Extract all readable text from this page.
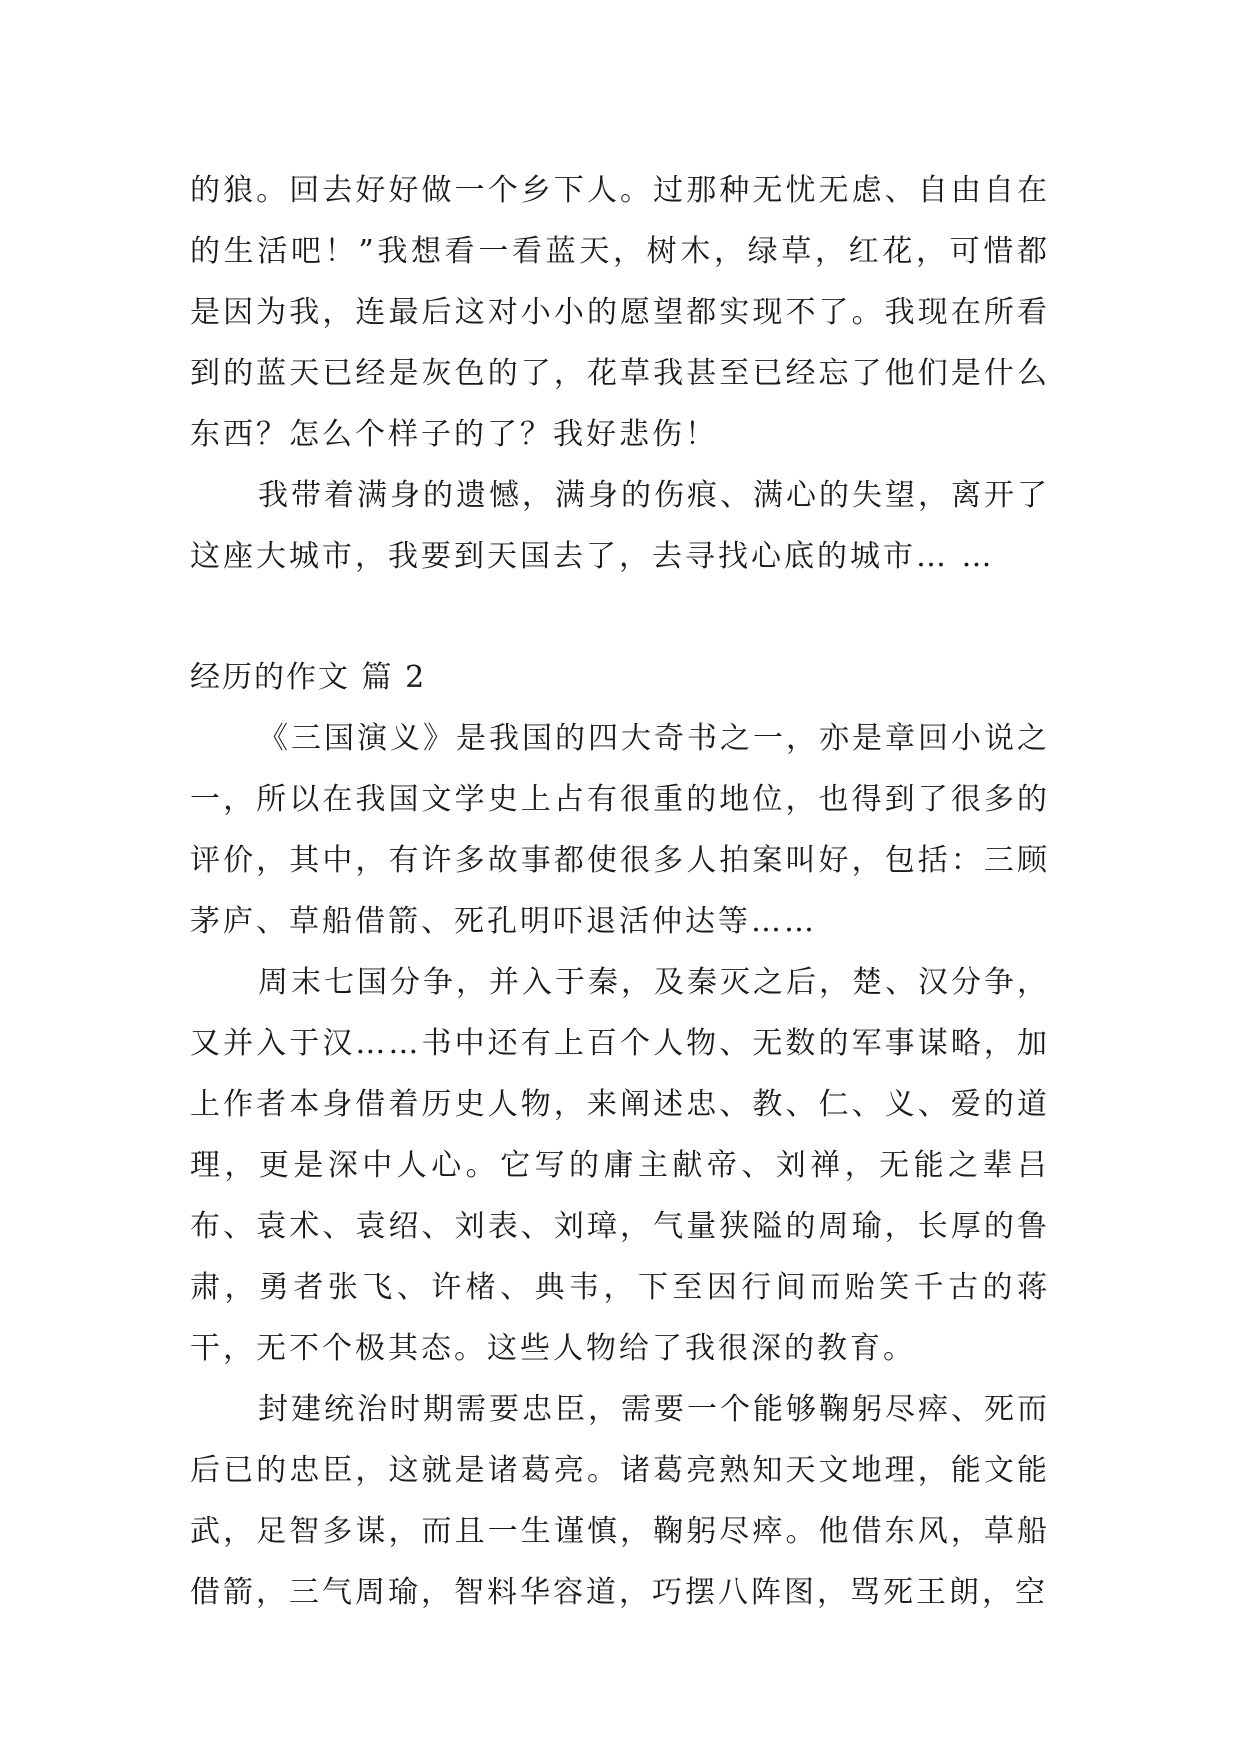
的狼。回去好好做一个乡下人。过那种无忧无虑、自由自在的生活吧！”我想看一看蓝天，树木，绿草，红花，可惜都是因为我，连最后这对小小的愿望都实现不了。我现在所看到的蓝天已经是灰色的了，花草我甚至已经忘了他们是什么东西？怎么个样子的了？我好悲伤！

我带着满身的遗憾，满身的伤痕、满心的失望，离开了这座大城市，我要到天国去了，去寻找心底的城市… …

经历的作文 篇 2

《三国演义》是我国的四大奇书之一，亦是章回小说之一，所以在我国文学史上占有很重的地位，也得到了很多的评价，其中，有许多故事都使很多人拍案叫好，包括：三顾茅庐、草船借箭、死孔明吓退活仲达等……

周末七国分争，并入于秦，及秦灭之后，楚、汉分争，又并入于汉……书中还有上百个人物、无数的军事谋略，加上作者本身借着历史人物，来阐述忠、教、仁、义、爱的道理，更是深中人心。它写的庸主献帝、刘禅，无能之辈吕布、袁术、袁绍、刘表、刘璋，气量狭隘的周瑜，长厚的鲁肃，勇者张飞、许楮、典韦，下至因行间而贻笑千古的蒋干，无不个极其态。这些人物给了我很深的教育。

封建统治时期需要忠臣，需要一个能够鞠躬尽瘁、死而后已的忠臣，这就是诸葛亮。诸葛亮熟知天文地理，能文能武，足智多谋，而且一生谨慎，鞠躬尽瘁。他借东风，草船借箭，三气周瑜，智料华容道，巧摆八阵图，骂死王朗，空
